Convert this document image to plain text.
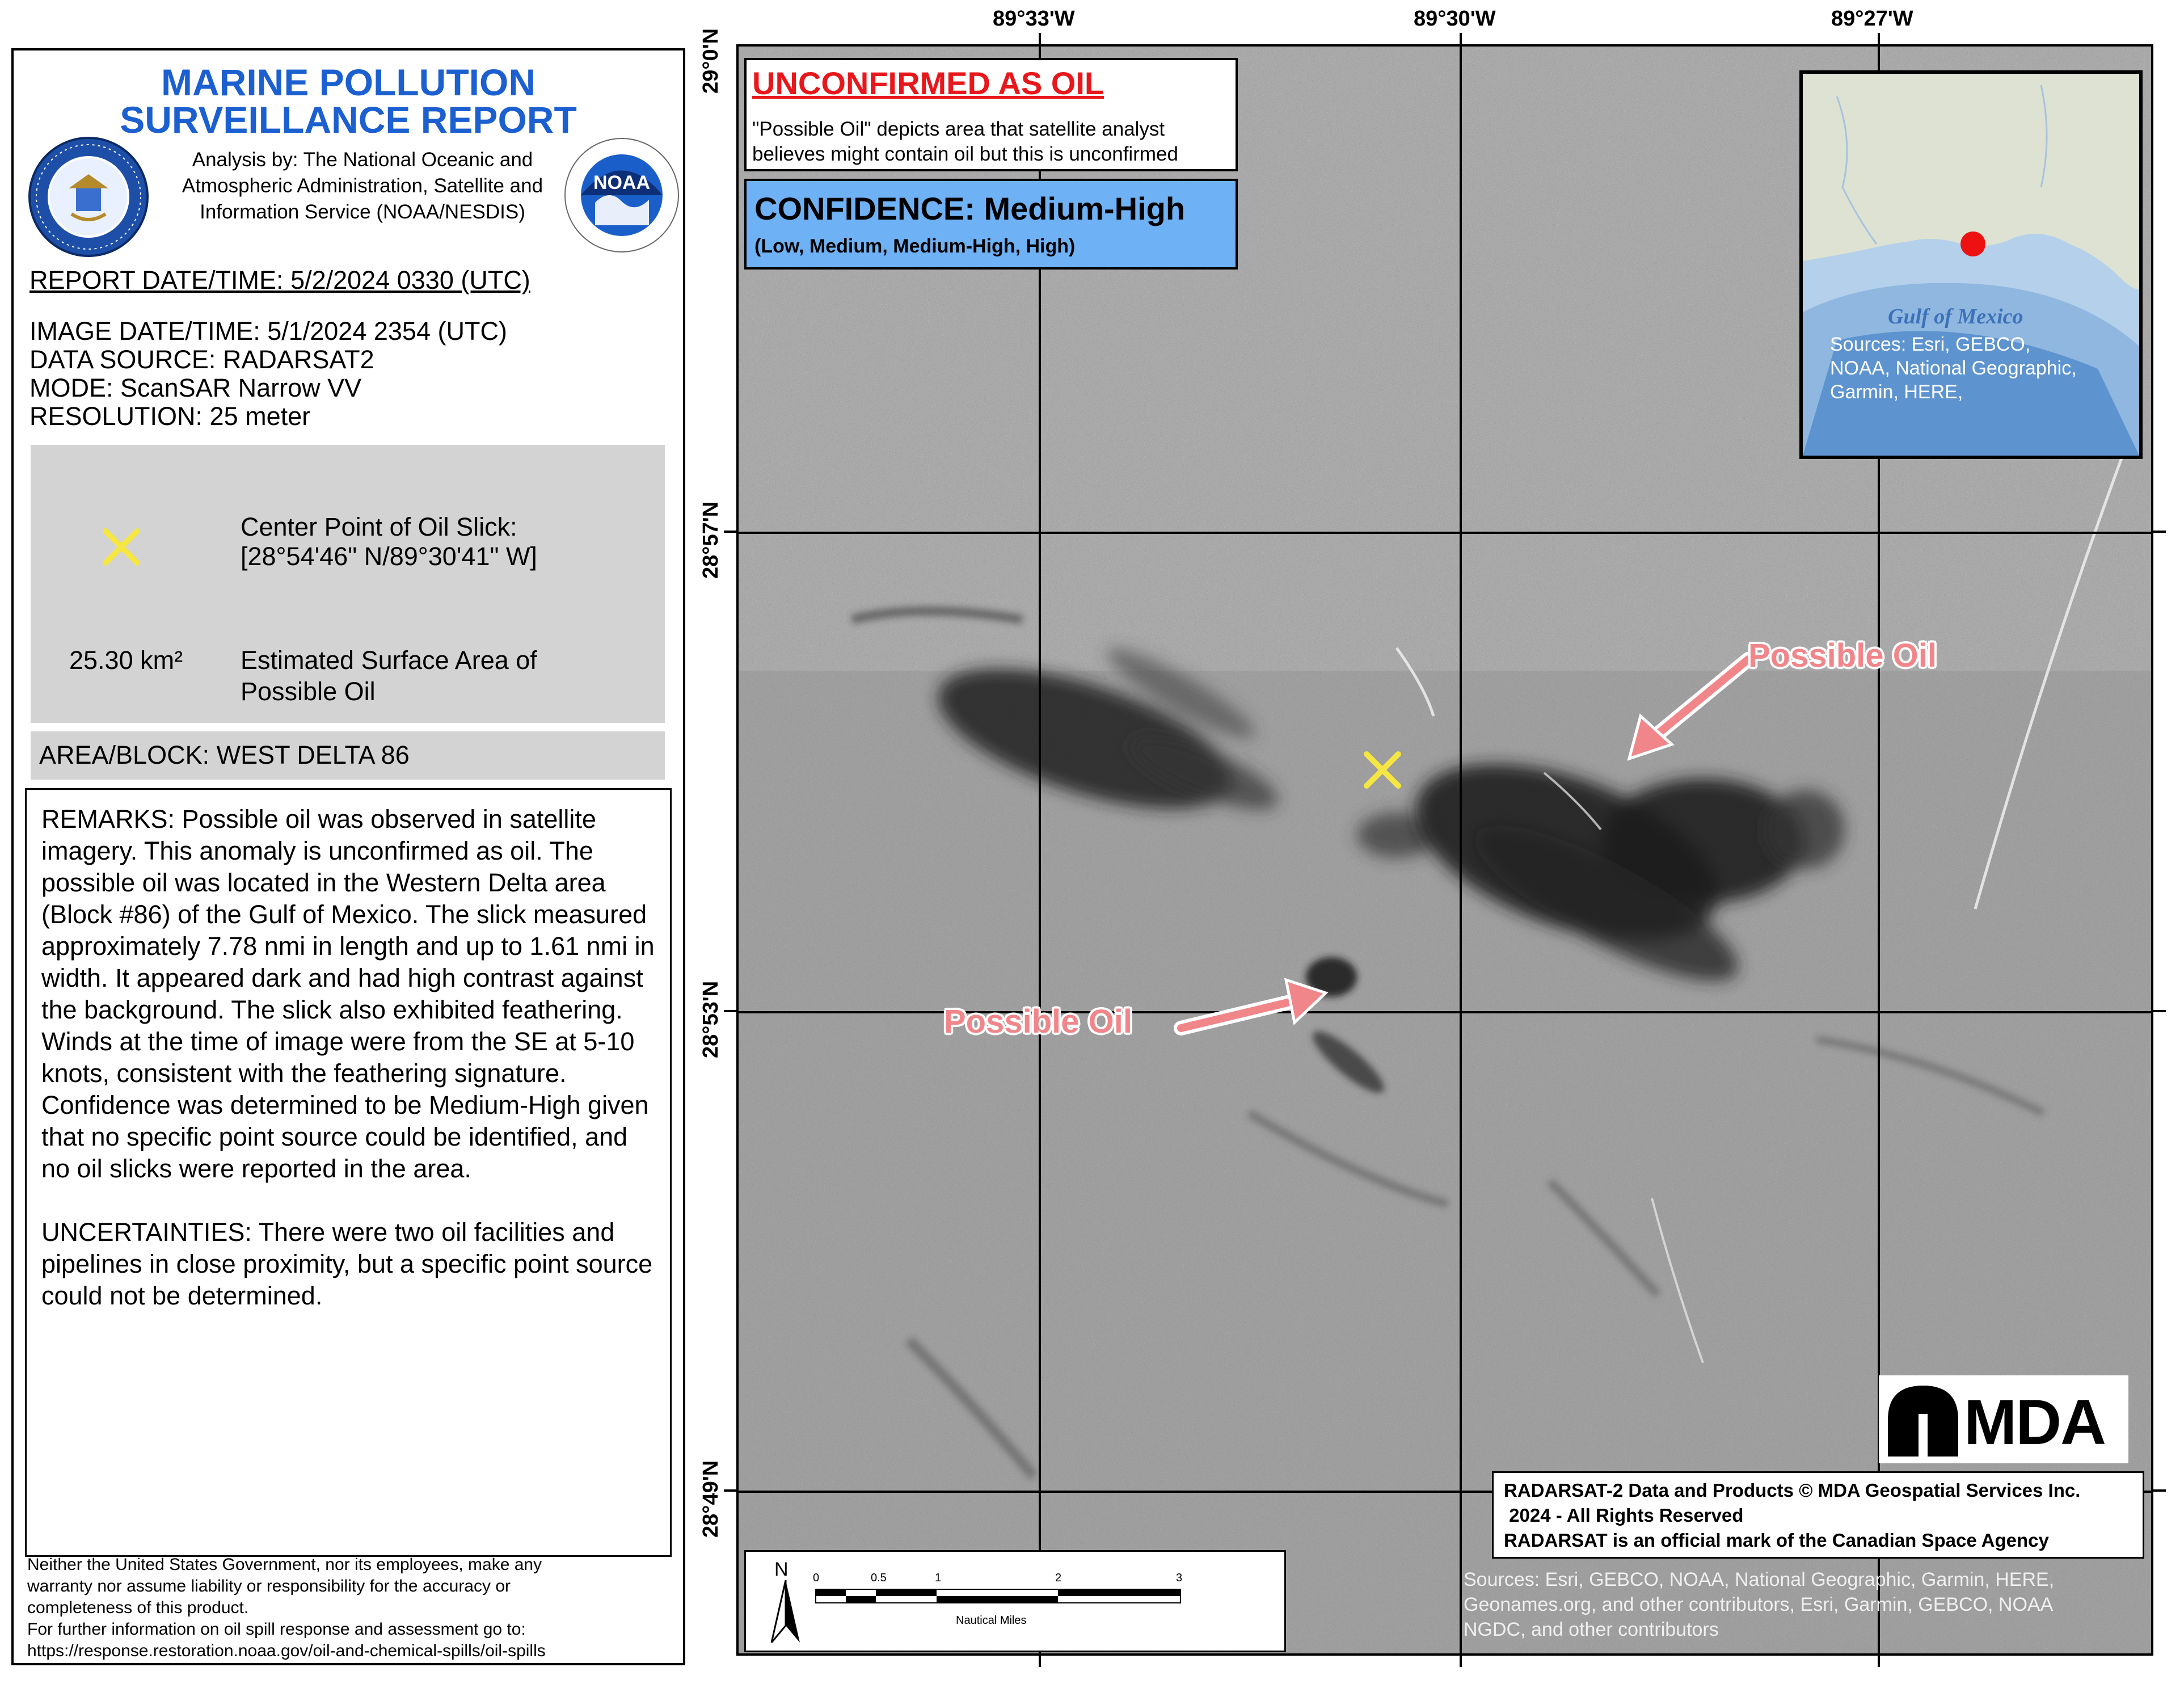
MARINE POLLUTION
SURVEILLANCE REPORT
Analysis by: The National Oceanic and
Atmospheric Administration, Satellite and
Information Service (NOAA/NESDIS)
NOAA
REPORT DATE/TIME: 5/2/2024 0330 (UTC)
IMAGE DATE/TIME: 5/1/2024 2354 (UTC)
DATA SOURCE: RADARSAT2
MODE: ScanSAR Narrow VV
RESOLUTION: 25 meter
Center Point of Oil Slick:
[28°54'46" N/89°30'41" W]
25.30 km² Estimated Surface Area of
Possible Oil
AREA/BLOCK: WEST DELTA 86

REMARKS: Possible oil was observed in satellite imagery. This anomaly is unconfirmed as oil. The possible oil was located in the Western Delta area (Block #86) of the Gulf of Mexico. The slick measured approximately 7.78 nmi in length and up to 1.61 nmi in width. It appeared dark and had high contrast against the background. The slick also exhibited feathering. Winds at the time of image were from the SE at 5-10 knots, consistent with the feathering signature. Confidence was determined to be Medium-High given that no specific point source could be identified, and no oil slicks were reported in the area.

UNCERTAINTIES: There were two oil facilities and pipelines in close proximity, but a specific point source could not be determined.

Neither the United States Government, nor its employees, make any
warranty nor assume liability or responsibility for the accuracy or
completeness of this product.
For further information on oil spill response and assessment go to:
https://response.restoration.noaa.gov/oil-and-chemical-spills/oil-spills
89°33'W	89°30'W	89°27'W
29°0'N
28°57'N
28°53'N
28°49'N
Possible Oil
Possible Oil
UNCONFIRMED AS OIL
"Possible Oil" depicts area that satellite analyst
believes might contain oil but this is unconfirmed
CONFIDENCE: Medium-High
(Low, Medium, Medium-High, High)
Gulf of Mexico
Sources: Esri, GEBCO,
NOAA, National Geographic,
Garmin, HERE,
MDA
RADARSAT-2 Data and Products © MDA Geospatial Services Inc.
2024 - All Rights Reserved
RADARSAT is an official mark of the Canadian Space Agency
N 0	0.5	1	2	3
Nautical Miles
Sources: Esri, GEBCO, NOAA, National Geographic, Garmin, HERE,
Geonames.org, and other contributors, Esri, Garmin, GEBCO, NOAA
NGDC, and other contributors
